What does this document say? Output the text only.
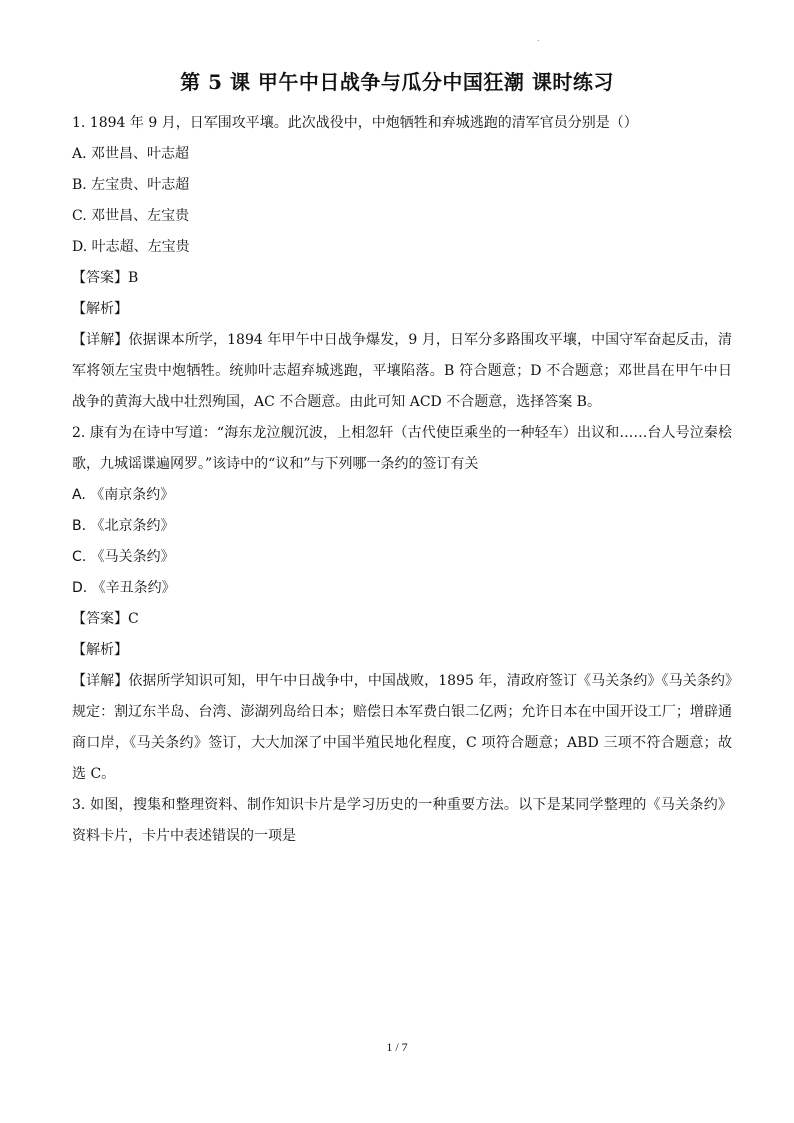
.
第 5 课 甲午中日战争与瓜分中国狂潮 课时练习
1. 1894 年 9 月，日军围攻平壤。此次战役中，中炮牺牲和弃城逃跑的清军官员分别是（）
A. 邓世昌、叶志超
B. 左宝贵、叶志超
C. 邓世昌、左宝贵
D. 叶志超、左宝贵
【答案】B
【解析】
【详解】依据课本所学，1894 年甲午中日战争爆发，9 月，日军分多路围攻平壤，中国守军奋起反击，清军将领左宝贵中炮牺牲。统帅叶志超弃城逃跑，平壤陷落。B 符合题意；D 不合题意；邓世昌在甲午中日战争的黄海大战中壮烈殉国，AC 不合题意。由此可知 ACD 不合题意，选择答案 B。
2. 康有为在诗中写道：“海东龙泣舰沉波，上相忽轩（古代使臣乘坐的一种轻车）出议和……台人号泣秦桧歌，九城谣谍遍网罗。”该诗中的“议和”与下列哪一条约的签订有关
A. 《南京条约》
B. 《北京条约》
C. 《马关条约》
D. 《辛丑条约》
【答案】C
【解析】
【详解】依据所学知识可知，甲午中日战争中，中国战败，1895 年，清政府签订《马关条约》《马关条约》规定：割辽东半岛、台湾、澎湖列岛给日本；赔偿日本军费白银二亿两；允许日本在中国开设工厂；增辟通商口岸，《马关条约》签订，大大加深了中国半殖民地化程度，C 项符合题意；ABD 三项不符合题意；故选 C。
3. 如图，搜集和整理资料、制作知识卡片是学习历史的一种重要方法。以下是某同学整理的《马关条约》资料卡片，卡片中表述错误的一项是
1 / 7
